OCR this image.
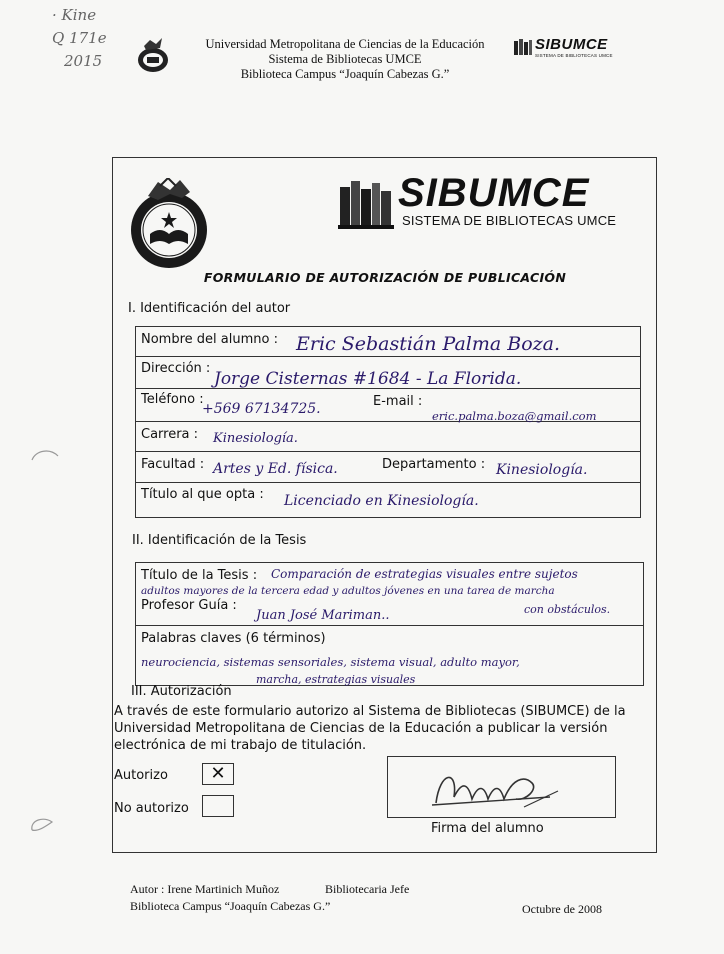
· Kine
Q 171e
2015
Universidad Metropolitana de Ciencias de la Educación
Sistema de Bibliotecas UMCE
Biblioteca Campus “Joaquín Cabezas G.”
SIBUMCE
SISTEMA DE BIBLIOTECAS UMCE
SIBUMCE
SISTEMA DE BIBLIOTECAS UMCE
FORMULARIO DE AUTORIZACIÓN DE PUBLICACIÓN
I. Identificación del autor
Nombre del alumno : Eric Sebastián Palma Boza.
Dirección :
Jorge Cisternas #1684 - La Florida.
Teléfono :
+569 67134725.	E-mail :
eric.palma.boza@gmail.com
Carrera : Kinesiología.
Facultad : Artes y Ed. física.	Departamento : Kinesiología.
Título al que opta : Licenciado en Kinesiología.
II. Identificación de la Tesis
Título de la Tesis : Comparación de estrategias visuales entre sujetos
adultos mayores de la tercera edad y adultos jóvenes en una tarea de marcha
con obstáculos.
Profesor Guía :
Juan José Mariman..
Palabras claves (6 términos)
neurociencia, sistemas sensoriales, sistema visual, adulto mayor,
marcha, estrategias visuales
III. Autorización
A través de este formulario autorizo al Sistema de Bibliotecas (SIBUMCE) de la Universidad Metropolitana de Ciencias de la Educación a publicar la versión electrónica de mi trabajo de titulación.
Autorizo	✕
No autorizo
Firma del alumno
Autor : Irene Martinich Muñoz	Bibliotecaria Jefe
Biblioteca Campus “Joaquín Cabezas G.”	Octubre de 2008
